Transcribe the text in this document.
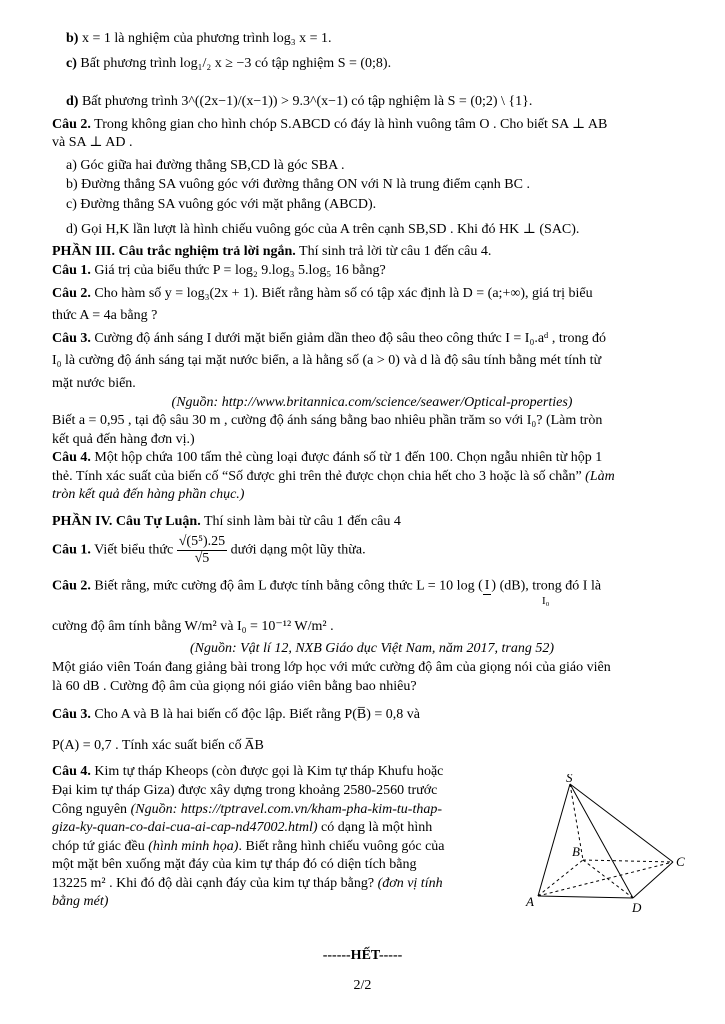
b) x = 1 là nghiệm của phương trình log₃ x = 1.
c) Bất phương trình log₁/₂ x ≥ −3 có tập nghiệm S = (0;8).
d) Bất phương trình 3^((2x−1)/(x−1)) > 9.3^(x−1) có tập nghiệm là S = (0;2) \ {1}.
Câu 2. Trong không gian cho hình chóp S.ABCD có đáy là hình vuông tâm O . Cho biết SA ⊥ AB
và SA ⊥ AD .
a) Góc giữa hai đường thẳng SB,CD là góc SBA .
b) Đường thẳng SA vuông góc với đường thẳng ON với N là trung điểm cạnh BC .
c) Đường thẳng SA vuông góc với mặt phẳng (ABCD).
d) Gọi H,K lần lượt là hình chiếu vuông góc của A trên cạnh SB,SD . Khi đó HK ⊥ (SAC).
PHẦN III. Câu trắc nghiệm trả lời ngắn. Thí sinh trả lời từ câu 1 đến câu 4.
Câu 1. Giá trị của biểu thức P = log₂ 9.log₃ 5.log₅ 16 bằng?
Câu 2. Cho hàm số y = log₃(2x + 1). Biết rằng hàm số có tập xác định là D = (a;+∞), giá trị biểu
thức A = 4a bằng ?
Câu 3. Cường độ ánh sáng I dưới mặt biển giảm dần theo độ sâu theo công thức I = I₀.aᵈ , trong đó
I₀ là cường độ ánh sáng tại mặt nước biển, a là hằng số (a > 0) và d là độ sâu tính bằng mét tính từ
mặt nước biển.
(Nguồn: http://www.britannica.com/science/seawer/Optical-properties)
Biết a = 0,95 , tại độ sâu 30 m , cường độ ánh sáng bằng bao nhiêu phần trăm so với I₀? (Làm tròn
kết quả đến hàng đơn vị.)
Câu 4. Một hộp chứa 100 tấm thẻ cùng loại được đánh số từ 1 đến 100. Chọn ngẫu nhiên từ hộp 1
thẻ. Tính xác suất của biến cố “Số được ghi trên thẻ được chọn chia hết cho 3 hoặc là số chẵn” (Làm
tròn kết quả đến hàng phần chục.)
PHẦN IV. Câu Tự Luận. Thí sinh làm bài từ câu 1 đến câu 4
Câu 1. Viết biểu thức $\frac{\text{√(5⁵).25}}{√5}$ dưới dạng một lũy thừa.
Câu 2. Biết rằng, mức cường độ âm L được tính bằng công thức L = 10 log ( I ) (dB), trong đó I là
I₀
cường độ âm tính bằng W/m² và I₀ = 10⁻¹² W/m² .
(Nguồn: Vật lí 12, NXB Giáo dục Việt Nam, năm 2017, trang 52)
Một giáo viên Toán đang giảng bài trong lớp học với mức cường độ âm của giọng nói của giáo viên
là 60 dB . Cường độ âm của giọng nói giáo viên bằng bao nhiêu?
Câu 3. Cho A và B là hai biến cố độc lập. Biết rằng P(B̅) = 0,8 và
P(A) = 0,7 . Tính xác suất biến cố A̅B
Câu 4. Kim tự tháp Kheops (còn được gọi là Kim tự tháp Khufu hoặc
Đại kim tự tháp Giza) được xây dựng trong khoảng 2580-2560 trước
Công nguyên (Nguồn: https://tptravel.com.vn/kham-pha-kim-tu-thap-
giza-ky-quan-co-dai-cua-ai-cap-nd47002.html) có dạng là một hình
chóp tứ giác đều (hình minh họa). Biết rằng hình chiếu vuông góc của
một mặt bên xuống mặt đáy của kim tự tháp đó có diện tích bằng
13225 m² . Khi đó độ dài cạnh đáy của kim tự tháp bằng? (đơn vị tính
bằng mét)
S
A
B
C
D
------HẾT-----
2/2
